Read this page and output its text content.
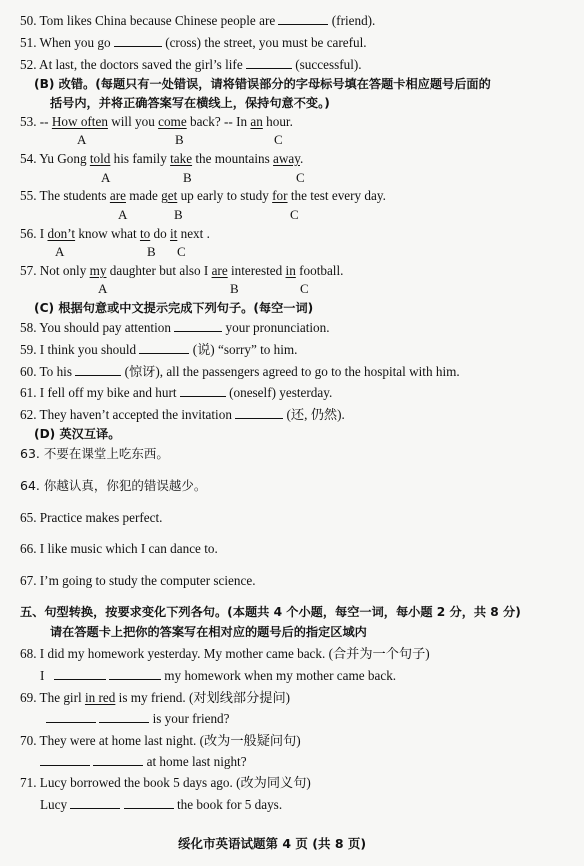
50. Tom likes China because Chinese people are	(friend).
51. When you go	(cross) the street, you must be careful.
52. At last, the doctors saved the girl’s life	(successful).
(B) 改错。(每题只有一处错误，请将错误部分的字母标号填在答题卡相应题号后面的
括号内，并将正确答案写在横线上，保持句意不变。)
53. -- How often will you come back? -- In an hour.
A	B	C
54. Yu Gong told his family take the mountains away.
A	B	C
55. The students are made get up early to study for the test every day.
A	B	C
56. I don’t know what to do it next .
A	B C
57. Not only my daughter but also I are interested in football.
A	B	C
(C) 根据句意或中文提示完成下列句子。(每空一词)
58. You should pay attention	your pronunciation.
59. I think you should	(说) “sorry” to him.
60. To his	(惊讶), all the passengers agreed to go to the hospital with him.
61. I fell off my bike and hurt	(oneself) yesterday.
62. They haven’t accepted the invitation	(还, 仍然).
(D) 英汉互译。
63. 不要在课堂上吃东西。
64. 你越认真，你犯的错误越少。
65. Practice makes perfect.
66. I like music which I can dance to.
67. I’m going to study the computer science.
五、句型转换，按要求变化下列各句。(本题共 4 个小题，每空一词，每小题 2 分，共 8 分)
请在答题卡上把你的答案写在相对应的题号后的指定区域内
68. I did my homework yesterday. My mother came back. (合并为一个句子)
I	my homework when my mother came back.
69. The girl in red is my friend. (对划线部分提问)
is your friend?
70. They were at home last night. (改为一般疑问句)
at home last night?
71. Lucy borrowed the book 5 days ago. (改为同义句)
Lucy	the book for 5 days.
绥化市英语试题第 4 页 (共 8 页)
